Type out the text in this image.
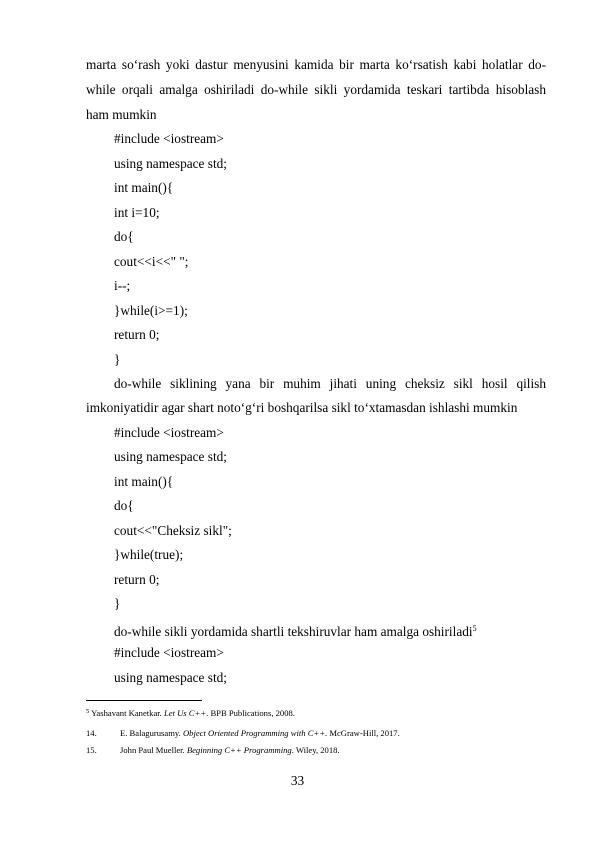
marta so‘rash yoki dastur menyusini kamida bir marta ko‘rsatish kabi holatlar do-
while orqali amalga oshiriladi do-while sikli yordamida teskari tartibda hisoblash
ham mumkin
#include <iostream>
using namespace std;
int main(){
int i=10;
do{
cout<<i<<" ";
i--;
}while(i>=1);
return 0;
}
do-while siklining yana bir muhim jihati uning cheksiz sikl hosil qilish
imkoniyatidir agar shart noto‘g‘ri boshqarilsa sikl to‘xtamasdan ishlashi mumkin
#include <iostream>
using namespace std;
int main(){
do{
cout<<"Cheksiz sikl";
}while(true);
return 0;
}
do-while sikli yordamida shartli tekshiruvlar ham amalga oshiriladi$^5$
#include <iostream>
using namespace std;
$^5$ Yashavant Kanetkar. Let Us C++. BPB Publications, 2008.
14.	E. Balagurusamy. Object Oriented Programming with C++. McGraw-Hill, 2017.
15.	John Paul Mueller. Beginning C++ Programming. Wiley, 2018.
33
